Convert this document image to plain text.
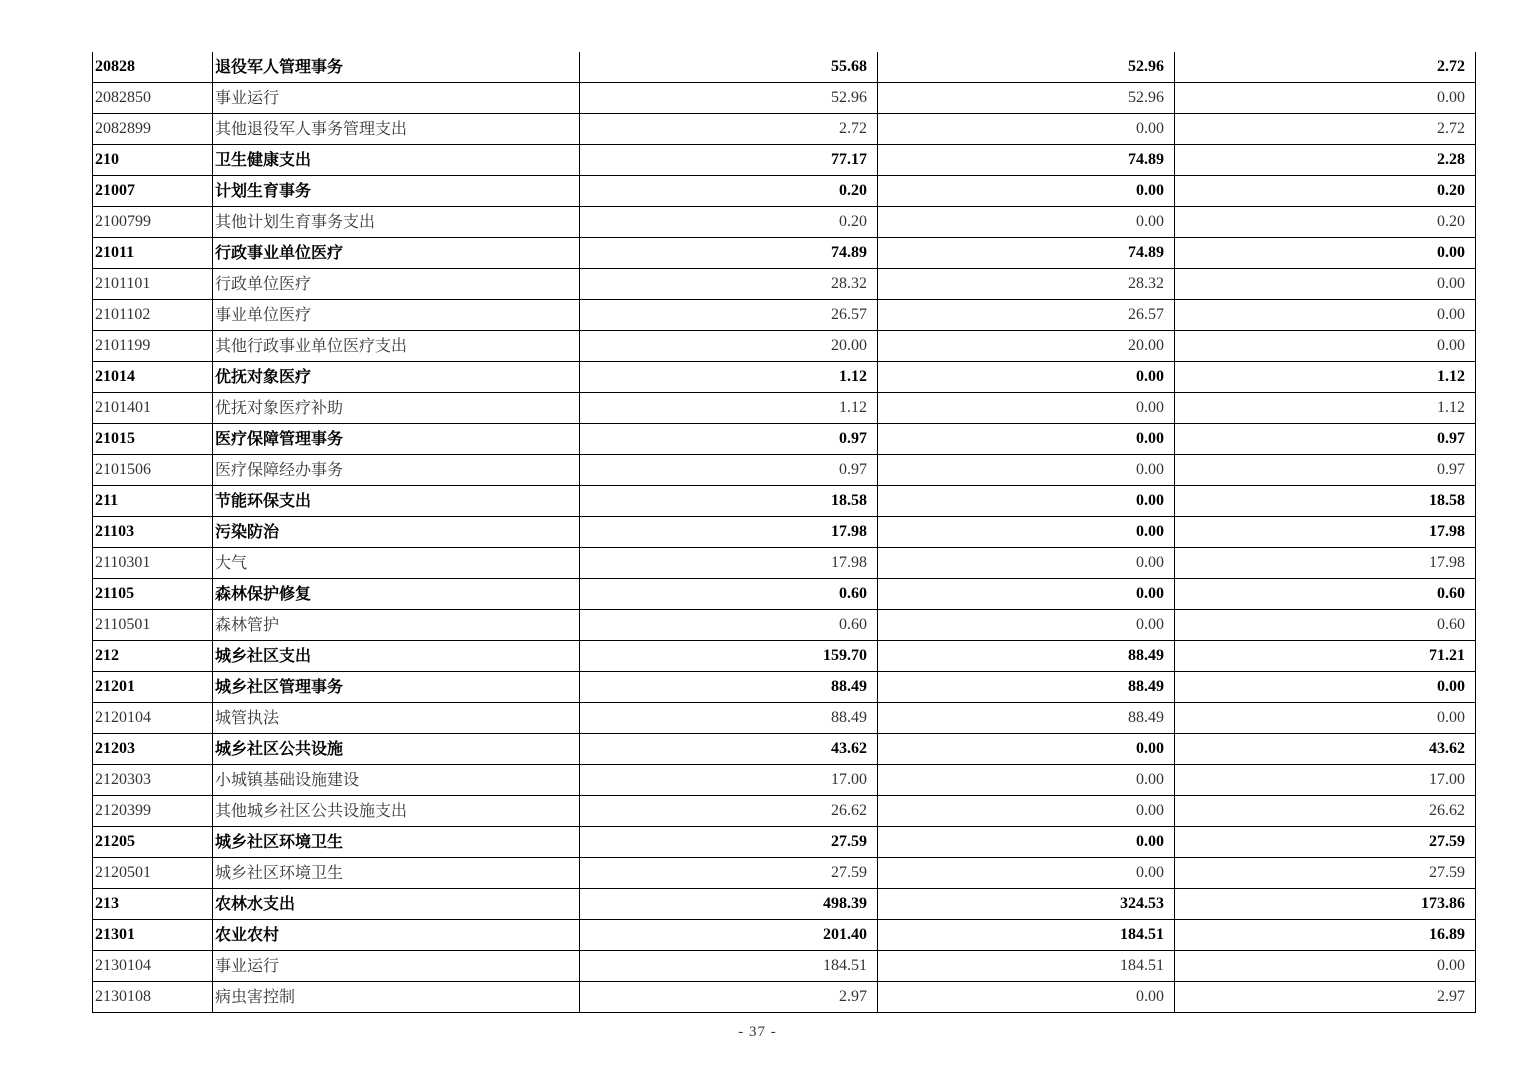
20828	退役军人管理事务	55.68	52.96	2.72
2082850	事业运行	52.96	52.96	0.00
2082899	其他退役军人事务管理支出	2.72	0.00	2.72
210	卫生健康支出	77.17	74.89	2.28
21007	计划生育事务	0.20	0.00	0.20
2100799	其他计划生育事务支出	0.20	0.00	0.20
21011	行政事业单位医疗	74.89	74.89	0.00
2101101	行政单位医疗	28.32	28.32	0.00
2101102	事业单位医疗	26.57	26.57	0.00
2101199	其他行政事业单位医疗支出	20.00	20.00	0.00
21014	优抚对象医疗	1.12	0.00	1.12
2101401	优抚对象医疗补助	1.12	0.00	1.12
21015	医疗保障管理事务	0.97	0.00	0.97
2101506	医疗保障经办事务	0.97	0.00	0.97
211	节能环保支出	18.58	0.00	18.58
21103	污染防治	17.98	0.00	17.98
2110301	大气	17.98	0.00	17.98
21105	森林保护修复	0.60	0.00	0.60
2110501	森林管护	0.60	0.00	0.60
212	城乡社区支出	159.70	88.49	71.21
21201	城乡社区管理事务	88.49	88.49	0.00
2120104	城管执法	88.49	88.49	0.00
21203	城乡社区公共设施	43.62	0.00	43.62
2120303	小城镇基础设施建设	17.00	0.00	17.00
2120399	其他城乡社区公共设施支出	26.62	0.00	26.62
21205	城乡社区环境卫生	27.59	0.00	27.59
2120501	城乡社区环境卫生	27.59	0.00	27.59
213	农林水支出	498.39	324.53	173.86
21301	农业农村	201.40	184.51	16.89
2130104	事业运行	184.51	184.51	0.00
2130108	病虫害控制	2.97	0.00	2.97
- 37 -
